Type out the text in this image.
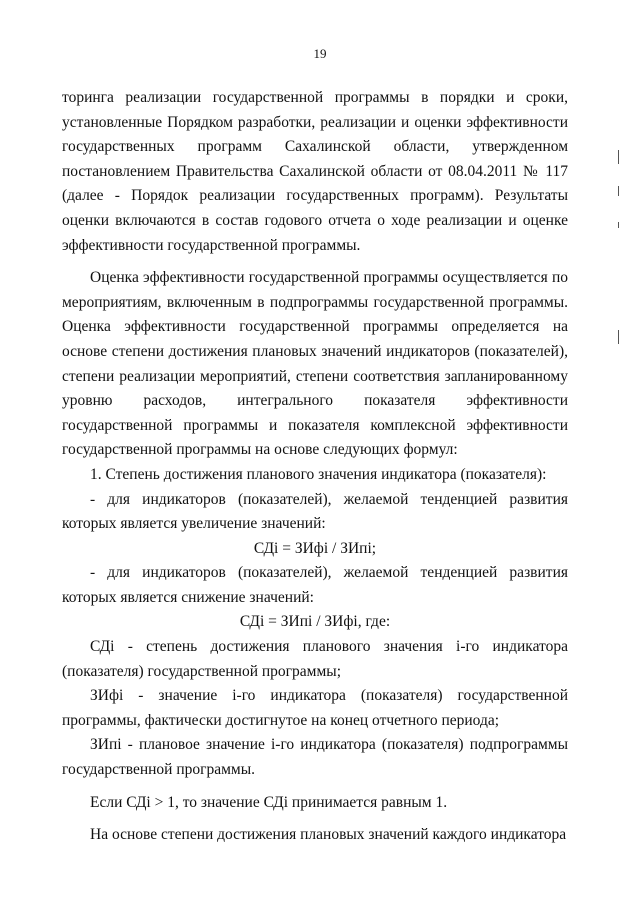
19

торинга реализации государственной программы в порядки и сроки, установленные Порядком разработки, реализации и оценки эффективности государственных программ Сахалинской области, утвержденном постановлением Правительства Сахалинской области от 08.04.2011 № 117 (далее - Порядок реализации государственных программ). Результаты оценки включаются в состав годового отчета о ходе реализации и оценке эффективности государственной программы.

Оценка эффективности государственной программы осуществляется по мероприятиям, включенным в подпрограммы государственной программы. Оценка эффективности государственной программы определяется на основе степени достижения плановых значений индикаторов (показателей), степени реализации мероприятий, степени соответствия запланированному уровню расходов, интегрального показателя эффективности государственной программы и показателя комплексной эффективности государственной программы на основе следующих формул:

1. Степень достижения планового значения индикатора (показателя):

- для индикаторов (показателей), желаемой тенденцией развития которых является увеличение значений:

СДi = ЗИфi / ЗИпi;

- для индикаторов (показателей), желаемой тенденцией развития которых является снижение значений:

СДi = ЗИпi / ЗИфi, где:

СДi - степень достижения планового значения i-го индикатора (показателя) государственной программы;

ЗИфi - значение i-го индикатора (показателя) государственной программы, фактически достигнутое на конец отчетного периода;

ЗИпi - плановое значение i-го индикатора (показателя) подпрограммы государственной программы.

Если СДi > 1, то значение СДi принимается равным 1.

На основе степени достижения плановых значений каждого индикатора
